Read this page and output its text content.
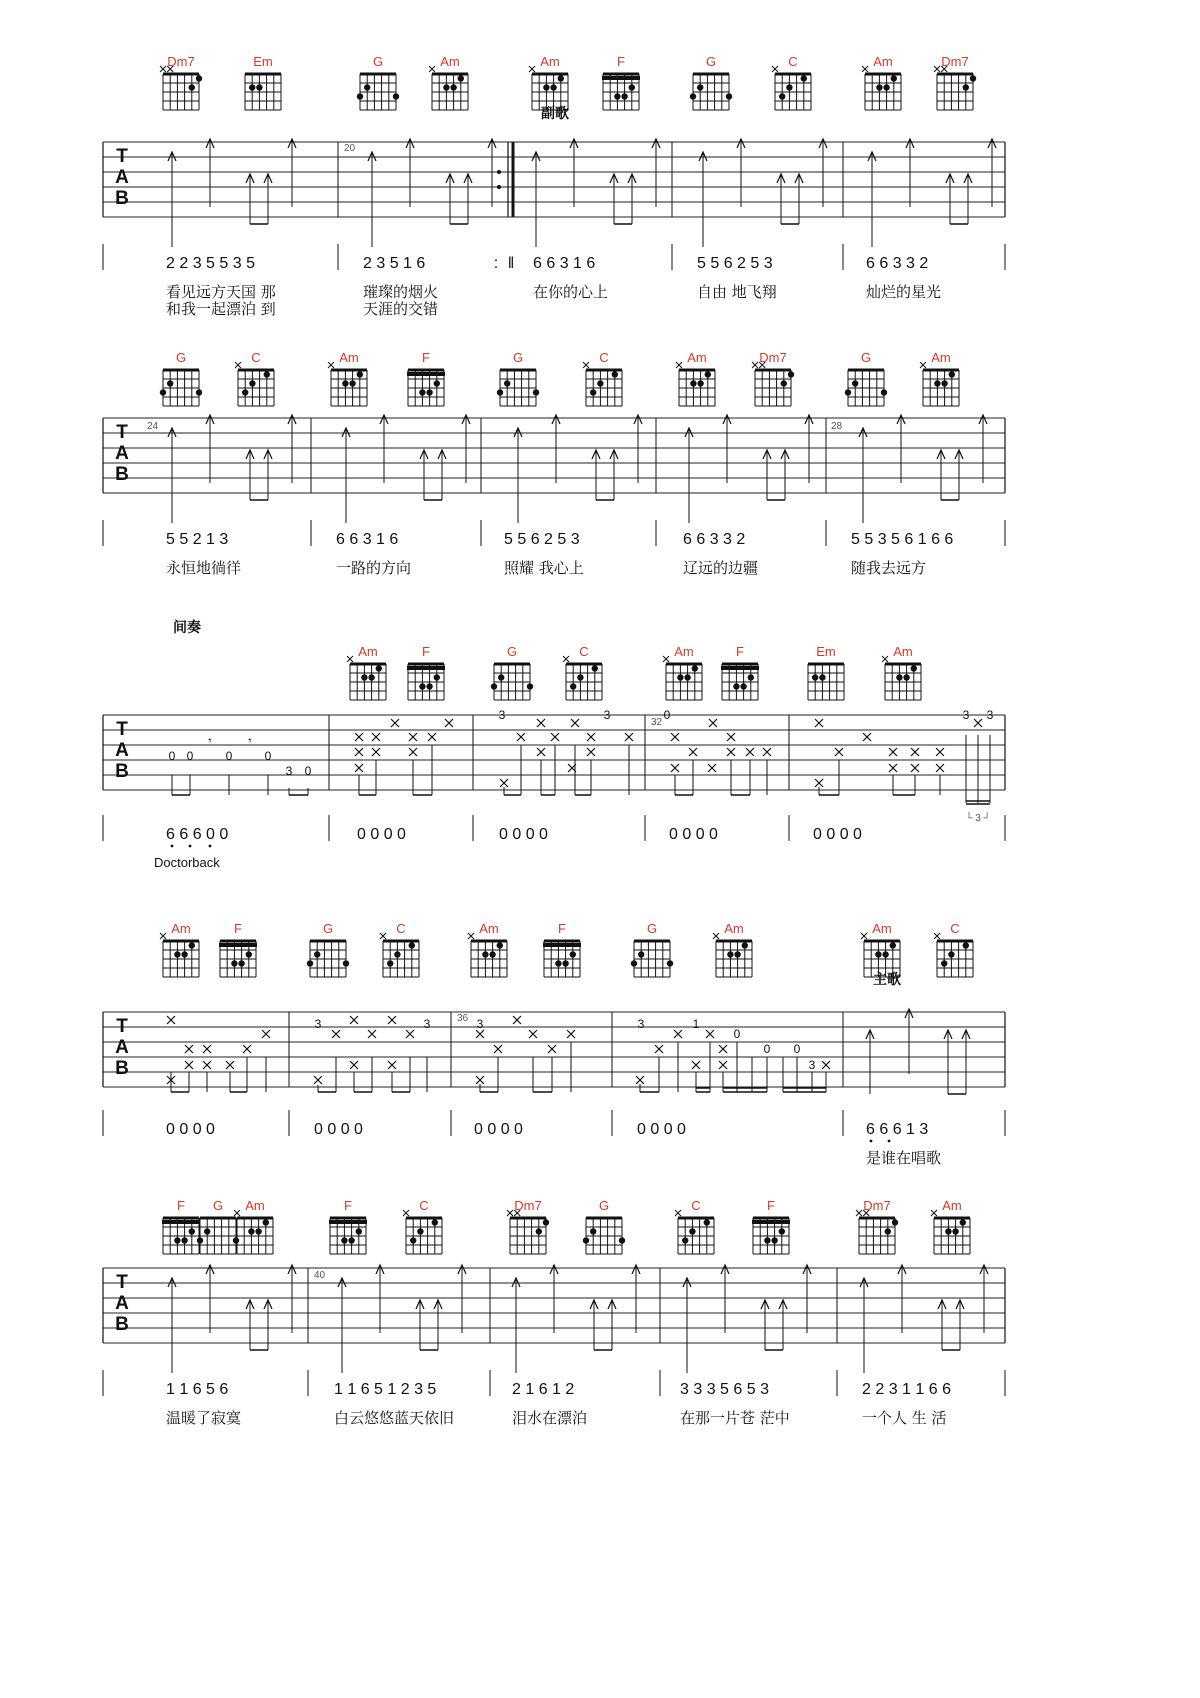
Dm7	Em	G	Am	Am	F	G	C	Am	Dm7
副歌
T
A
B
20
2 2 3 5 5 3 5	2 3 5 1 6	6 6 3 1 6	5 5 6 2 5 3	6 6 3 3 2
: ‖
看见远方天国 那	璀璨的烟火	在你的心上	自由 地飞翔	灿烂的星光
和我一起漂泊 到	天涯的交错
G	C	Am	F	G	C	Am	Dm7	G	Am
T
A
B
24	28
5 5 2 1 3	6 6 3 1 6	5 5 6 2 5 3	6 6 3 3 2	5 5 3 5 6 1 6 6
永恒地徜徉	一路的方向	照耀 我心上	辽远的边疆	随我去远方
间奏
Am	F	G	C	Am	F	Em	Am
T
A
B
32
0 0	0	0
3 0
3	3	0	3 3
𝄾	𝄾
└ 3 ┘
6 6 6 0 0	0 0 0 0	0 0 0 0	0 0 0 0	0 0 0 0
Doctorback
Am	F	G	C	Am	F	G	Am	Am	C
主歌
T
A
B
36
3	3	3	3	1
0
0 0
3
0 0 0 0	0 0 0 0	0 0 0 0	0 0 0 0	6 6 6 1 3
是谁在唱歌
F G Am	F	C	Dm7	G	C	F	Dm7	Am
T
A
B
40
1 1 6 5 6	1 1 6 5 1 2 3 5	2 1 6 1 2	3 3 3 5 6 5 3	2 2 3 1 1 6 6
温暖了寂寞	白云悠悠蓝天依旧	泪水在漂泊	在那一片苍 茫中	一个人 生 活
